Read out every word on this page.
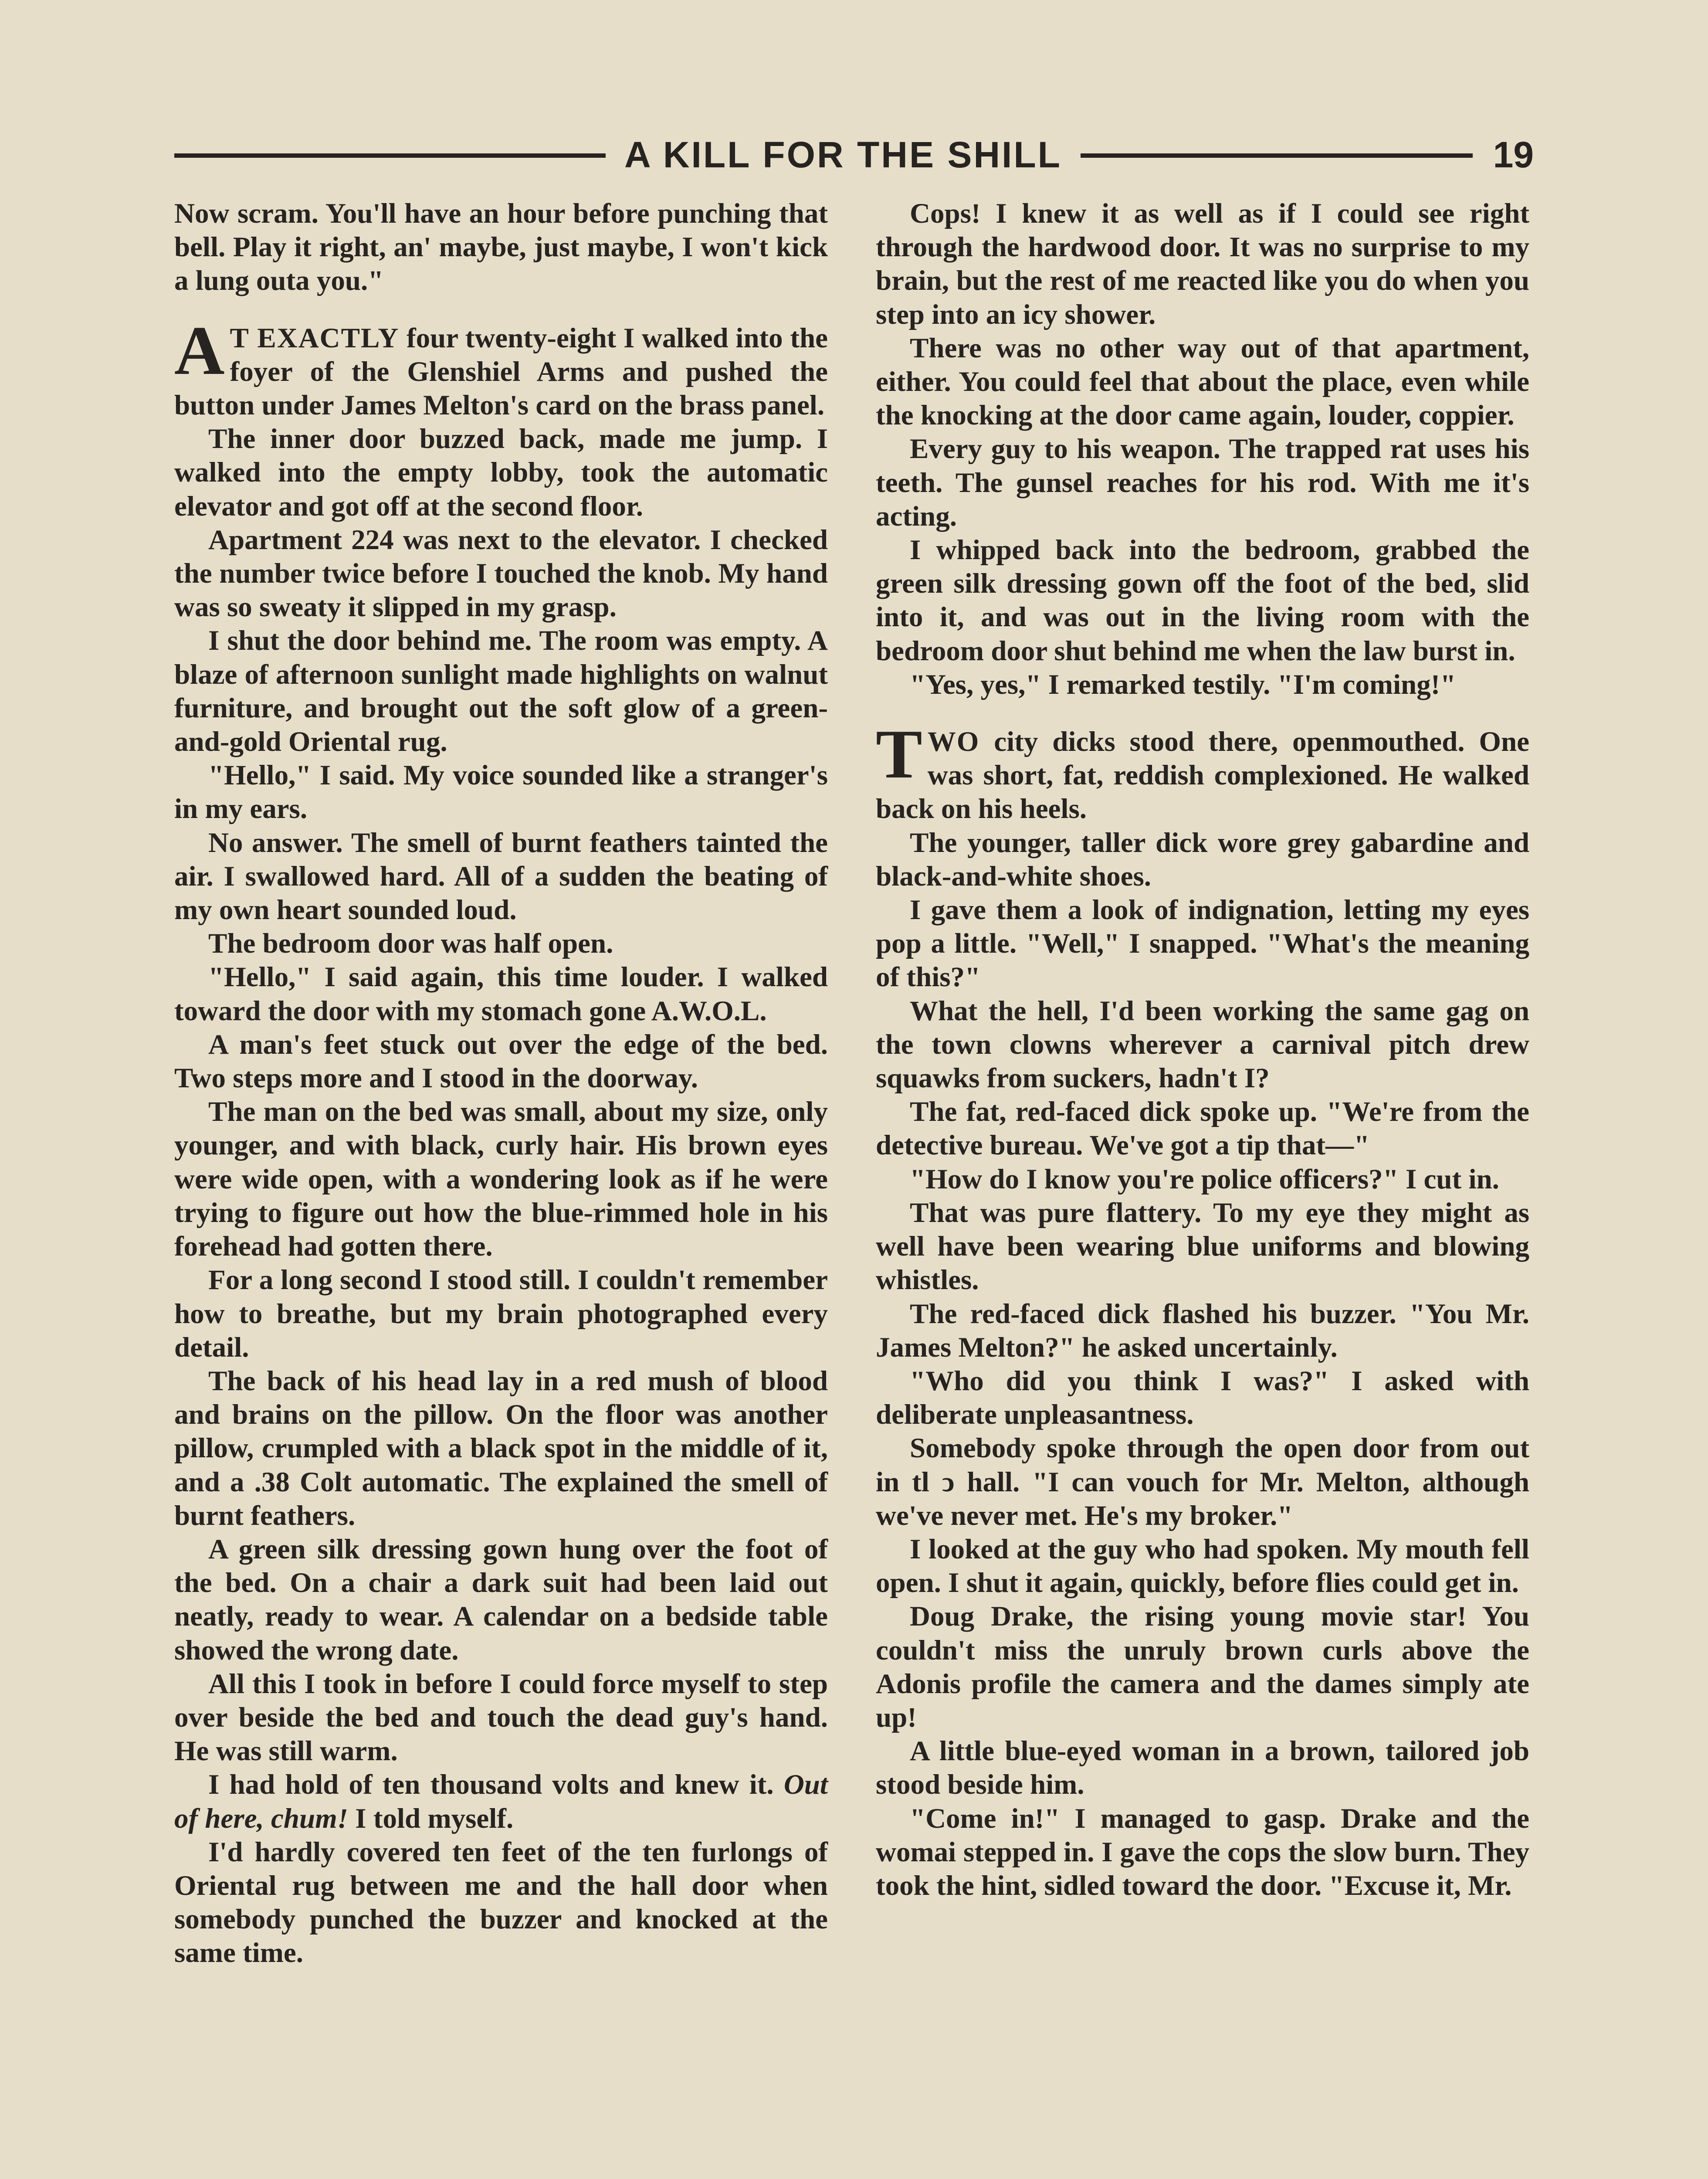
A KILL FOR THE SHILL	19

Now scram. You'll have an hour before punching that bell. Play it right, an' maybe, just maybe, I won't kick a lung outa you."

A T EXACTLY four twenty-eight I walked into the foyer of the Glenshiel Arms and pushed the button under James Melton's card on the brass panel.

The inner door buzzed back, made me jump. I walked into the empty lobby, took the automatic elevator and got off at the second floor.

Apartment 224 was next to the elevator. I checked the number twice before I touched the knob. My hand was so sweaty it slipped in my grasp.

I shut the door behind me. The room was empty. A blaze of afternoon sunlight made highlights on walnut furniture, and brought out the soft glow of a green-and-gold Oriental rug.

"Hello," I said. My voice sounded like a stranger's in my ears.

No answer. The smell of burnt feathers tainted the air. I swallowed hard. All of a sudden the beating of my own heart sounded loud.

The bedroom door was half open.

"Hello," I said again, this time louder. I walked toward the door with my stomach gone A.W.O.L.

A man's feet stuck out over the edge of the bed. Two steps more and I stood in the doorway.

The man on the bed was small, about my size, only younger, and with black, curly hair. His brown eyes were wide open, with a wondering look as if he were trying to figure out how the blue-rimmed hole in his forehead had gotten there.

For a long second I stood still. I couldn't remember how to breathe, but my brain photographed every detail.

The back of his head lay in a red mush of blood and brains on the pillow. On the floor was another pillow, crumpled with a black spot in the middle of it, and a .38 Colt automatic. The explained the smell of burnt feathers.

A green silk dressing gown hung over the foot of the bed. On a chair a dark suit had been laid out neatly, ready to wear. A calendar on a bedside table showed the wrong date.

All this I took in before I could force myself to step over beside the bed and touch the dead guy's hand. He was still warm.

I had hold of ten thousand volts and knew it. Out of here, chum! I told myself.

I'd hardly covered ten feet of the ten furlongs of Oriental rug between me and the hall door when somebody punched the buzzer and knocked at the same time.

Cops! I knew it as well as if I could see right through the hardwood door. It was no surprise to my brain, but the rest of me reacted like you do when you step into an icy shower.

There was no other way out of that apartment, either. You could feel that about the place, even while the knocking at the door came again, louder, coppier.

Every guy to his weapon. The trapped rat uses his teeth. The gunsel reaches for his rod. With me it's acting.

I whipped back into the bedroom, grabbed the green silk dressing gown off the foot of the bed, slid into it, and was out in the living room with the bedroom door shut behind me when the law burst in.

"Yes, yes," I remarked testily. "I'm coming!"

TWO city dicks stood there, openmouthed. One was short, fat, reddish complexioned. He walked back on his heels.

The younger, taller dick wore grey gabardine and black-and-white shoes.

I gave them a look of indignation, letting my eyes pop a little. "Well," I snapped. "What's the meaning of this?"

What the hell, I'd been working the same gag on the town clowns wherever a carnival pitch drew squawks from suckers, hadn't I?

The fat, red-faced dick spoke up. "We're from the detective bureau. We've got a tip that—"

"How do I know you're police officers?" I cut in.

That was pure flattery. To my eye they might as well have been wearing blue uniforms and blowing whistles.

The red-faced dick flashed his buzzer. "You Mr. James Melton?" he asked uncertainly.

"Who did you think I was?" I asked with deliberate unpleasantness.

Somebody spoke through the open door from out in tl ↄ hall. "I can vouch for Mr. Melton, although we've never met. He's my broker."

I looked at the guy who had spoken. My mouth fell open. I shut it again, quickly, before flies could get in.

Doug Drake, the rising young movie star! You couldn't miss the unruly brown curls above the Adonis profile the camera and the dames simply ate up!

A little blue-eyed woman in a brown, tailored job stood beside him.

"Come in!" I managed to gasp. Drake and the womai stepped in. I gave the cops the slow burn. They took the hint, sidled toward the door. "Excuse it, Mr.
